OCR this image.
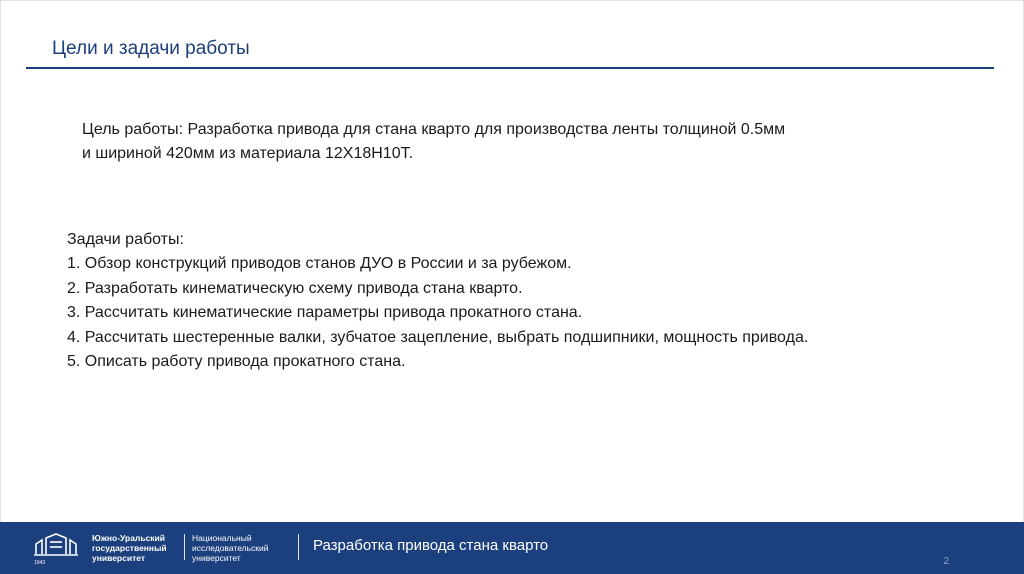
Цели и задачи работы
Цель работы: Разработка привода для стана кварто для производства ленты толщиной 0.5мм
и шириной 420мм из материала 12Х18Н10Т.
Задачи работы:
1. Обзор конструкций приводов станов ДУО в России и за рубежом.
2. Разработать кинематическую схему привода стана кварто.
3. Рассчитать кинематические параметры привода прокатного стана.
4. Рассчитать шестеренные валки, зубчатое зацепление, выбрать подшипники, мощность привода.
5. Описать работу привода прокатного стана.
1943
Южно-Уральский
государственный
университет
Национальный
исследовательский
университет
Разработка привода стана кварто
2
